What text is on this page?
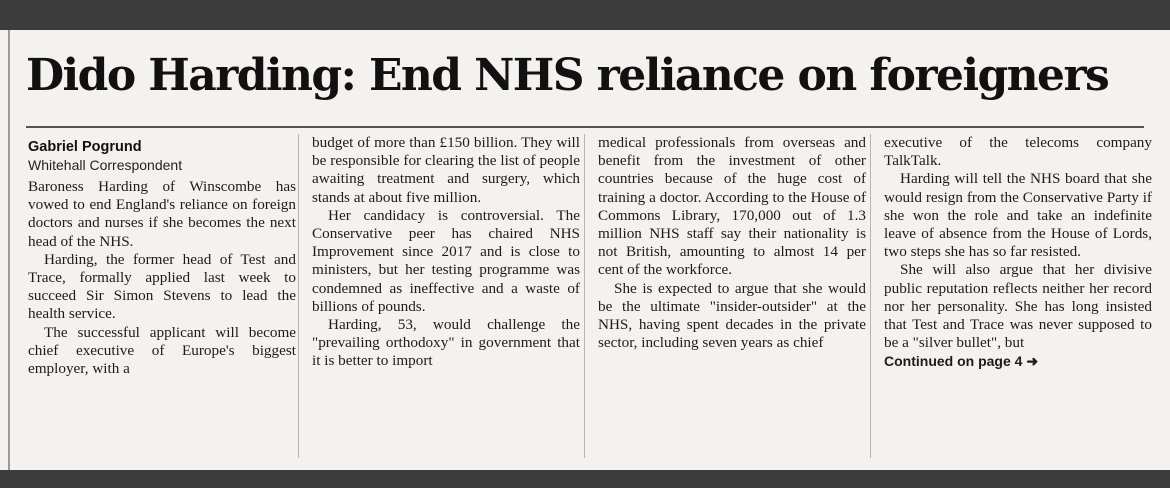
Dido Harding: End NHS reliance on foreigners
Gabriel Pogrund
Whitehall Correspondent

Baroness Harding of Winscombe has vowed to end England's reliance on foreign doctors and nurses if she becomes the next head of the NHS.

Harding, the former head of Test and Trace, formally applied last week to succeed Sir Simon Stevens to lead the health service.

The successful applicant will become chief executive of Europe's biggest employer, with a

budget of more than £150 billion. They will be responsible for clearing the list of people awaiting treatment and surgery, which stands at about five million.

Her candidacy is controversial. The Conservative peer has chaired NHS Improvement since 2017 and is close to ministers, but her testing programme was condemned as ineffective and a waste of billions of pounds.

Harding, 53, would challenge the "prevailing orthodoxy" in government that it is better to import

medical professionals from overseas and benefit from the investment of other countries because of the huge cost of training a doctor. According to the House of Commons Library, 170,000 out of 1.3 million NHS staff say their nationality is not British, amounting to almost 14 per cent of the workforce.

She is expected to argue that she would be the ultimate "insider-outsider" at the NHS, having spent decades in the private sector, including seven years as chief

executive of the telecoms company TalkTalk.

Harding will tell the NHS board that she would resign from the Conservative Party if she won the role and take an indefinite leave of absence from the House of Lords, two steps she has so far resisted.

She will also argue that her divisive public reputation reflects neither her record nor her personality. She has long insisted that Test and Trace was never supposed to be a "silver bullet", but

Continued on page 4 ➜
